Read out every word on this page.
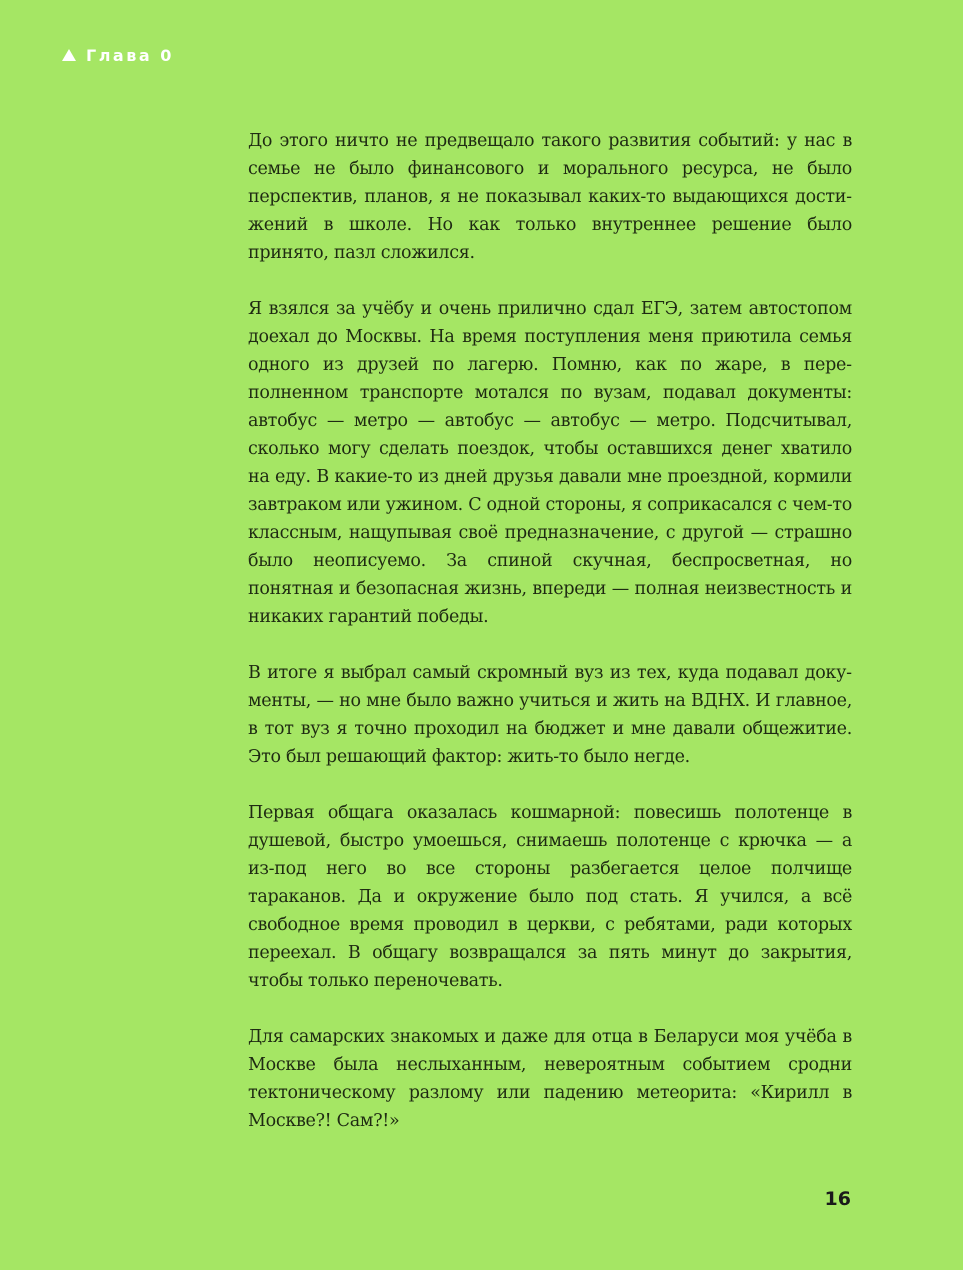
Глава 0

До этого ничто не предвещало такого развития событий: у нас в семье не было финансового и морального ресурса, не было перспектив, планов, я не показывал каких-то выдающихся достижений в школе. Но как только внутреннее решение было принято, пазл сложился.

Я взялся за учёбу и очень прилично сдал ЕГЭ, затем автостопом доехал до Москвы. На время поступления меня приютила семья одного из друзей по лагерю. Помню, как по жаре, в переполненном транспорте мотался по вузам, подавал документы: автобус — метро — автобус — автобус — метро. Подсчитывал, сколько могу сделать поездок, чтобы оставшихся денег хватило на еду. В какие-то из дней друзья давали мне проездной, кормили завтраком или ужином. С одной стороны, я соприкасался с чем-то классным, нащупывая своё предназначение, с другой — страшно было неописуемо. За спиной скучная, беспросветная, но понятная и безопасная жизнь, впереди — полная неизвестность и никаких гарантий победы.

В итоге я выбрал самый скромный вуз из тех, куда подавал документы, — но мне было важно учиться и жить на ВДНХ. И главное, в тот вуз я точно проходил на бюджет и мне давали общежитие. Это был решающий фактор: жить-то было негде.

Первая общага оказалась кошмарной: повесишь полотенце в душевой, быстро умоешься, снимаешь полотенце с крючка — а из-под него во все стороны разбегается целое полчище тараканов. Да и окружение было под стать. Я учился, а всё свободное время проводил в церкви, с ребятами, ради которых переехал. В общагу возвращался за пять минут до закрытия, чтобы только переночевать.

Для самарских знакомых и даже для отца в Беларуси моя учёба в Москве была неслыханным, невероятным событием сродни тектоническому разлому или падению метеорита: «Кирилл в Москве?! Сам?!»

16
